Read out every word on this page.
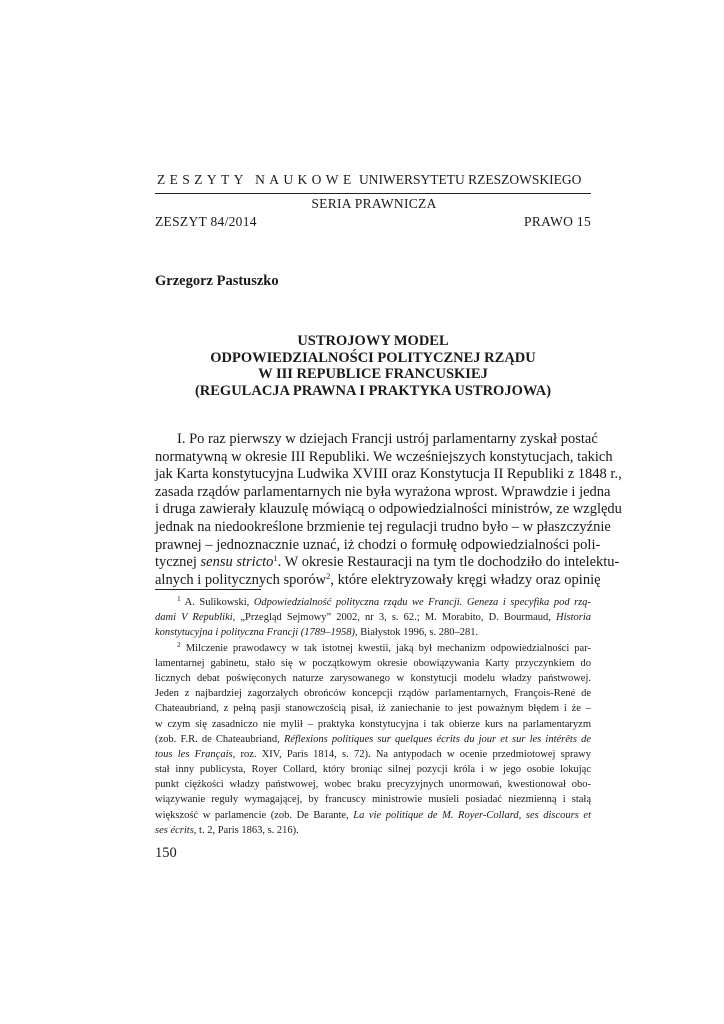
ZESZYTY NAUKOWE UNIWERSYTETU RZESZOWSKIEGO
SERIA PRAWNICZA
ZESZYT 84/2014	PRAWO 15
Grzegorz Pastuszko
USTROJOWY MODEL
ODPOWIEDZIALNOŚCI POLITYCZNEJ RZĄDU
W III REPUBLICE FRANCUSKIEJ
(REGULACJA PRAWNA I PRAKTYKA USTROJOWA)
I. Po raz pierwszy w dziejach Francji ustrój parlamentarny zyskał postać
normatywną w okresie III Republiki. We wcześniejszych konstytucjach, takich
jak Karta konstytucyjna Ludwika XVIII oraz Konstytucja II Republiki z 1848 r.,
zasada rządów parlamentarnych nie była wyrażona wprost. Wprawdzie i jedna
i druga zawierały klauzulę mówiącą o odpowiedzialności ministrów, ze względu
jednak na niedookreślone brzmienie tej regulacji trudno było – w płaszczyźnie
prawnej – jednoznacznie uznać, iż chodzi o formułę odpowiedzialności poli-
tycznej sensu stricto$^1$. W okresie Restauracji na tym tle dochodziło do intelektu-
alnych i politycznych sporów$^2$, które elektryzowały kręgi władzy oraz opinię
$^1$ A. Sulikowski, Odpowiedzialność polityczna rządu we Francji. Geneza i specyfika pod rzą-
dami V Republiki, „Przegląd Sejmowy” 2002, nr 3, s. 62.; M. Morabito, D. Bourmaud, Historia
konstytucyjna i polityczna Francji (1789–1958), Białystok 1996, s. 280–281.
$^2$ Milczenie prawodawcy w tak istotnej kwestii, jaką był mechanizm odpowiedzialności par-
lamentarnej gabinetu, stało się w początkowym okresie obowiązywania Karty przyczynkiem do
licznych debat poświęconych naturze zarysowanego w konstytucji modelu władzy państwowej.
Jeden z najbardziej zagorzałych obrońców koncepcji rządów parlamentarnych, François-René de
Chateaubriand, z pełną pasji stanowczością pisał, iż zaniechanie to jest poważnym błędem i że –
w czym się zasadniczo nie mylił – praktyka konstytucyjna i tak obierze kurs na parlamentaryzm
(zob. F.R. de Chateaubriand, Réflexions politiques sur quelques écrits du jour et sur les intérêts de
tous les Français, roz. XIV, Paris 1814, s. 72). Na antypodach w ocenie przedmiotowej sprawy
stał inny publicysta, Royer Collard, który broniąc silnej pozycji króla i w jego osobie lokując
punkt ciężkości władzy państwowej, wobec braku precyzyjnych unormowań, kwestionował obo-
wiązywanie reguły wymagającej, by francuscy ministrowie musieli posiadać niezmienną i stałą
większość w parlamencie (zob. De Barante, La vie politique de M. Royer-Collard, ses discours et
ses écrits, t. 2, Paris 1863, s. 216).
150
